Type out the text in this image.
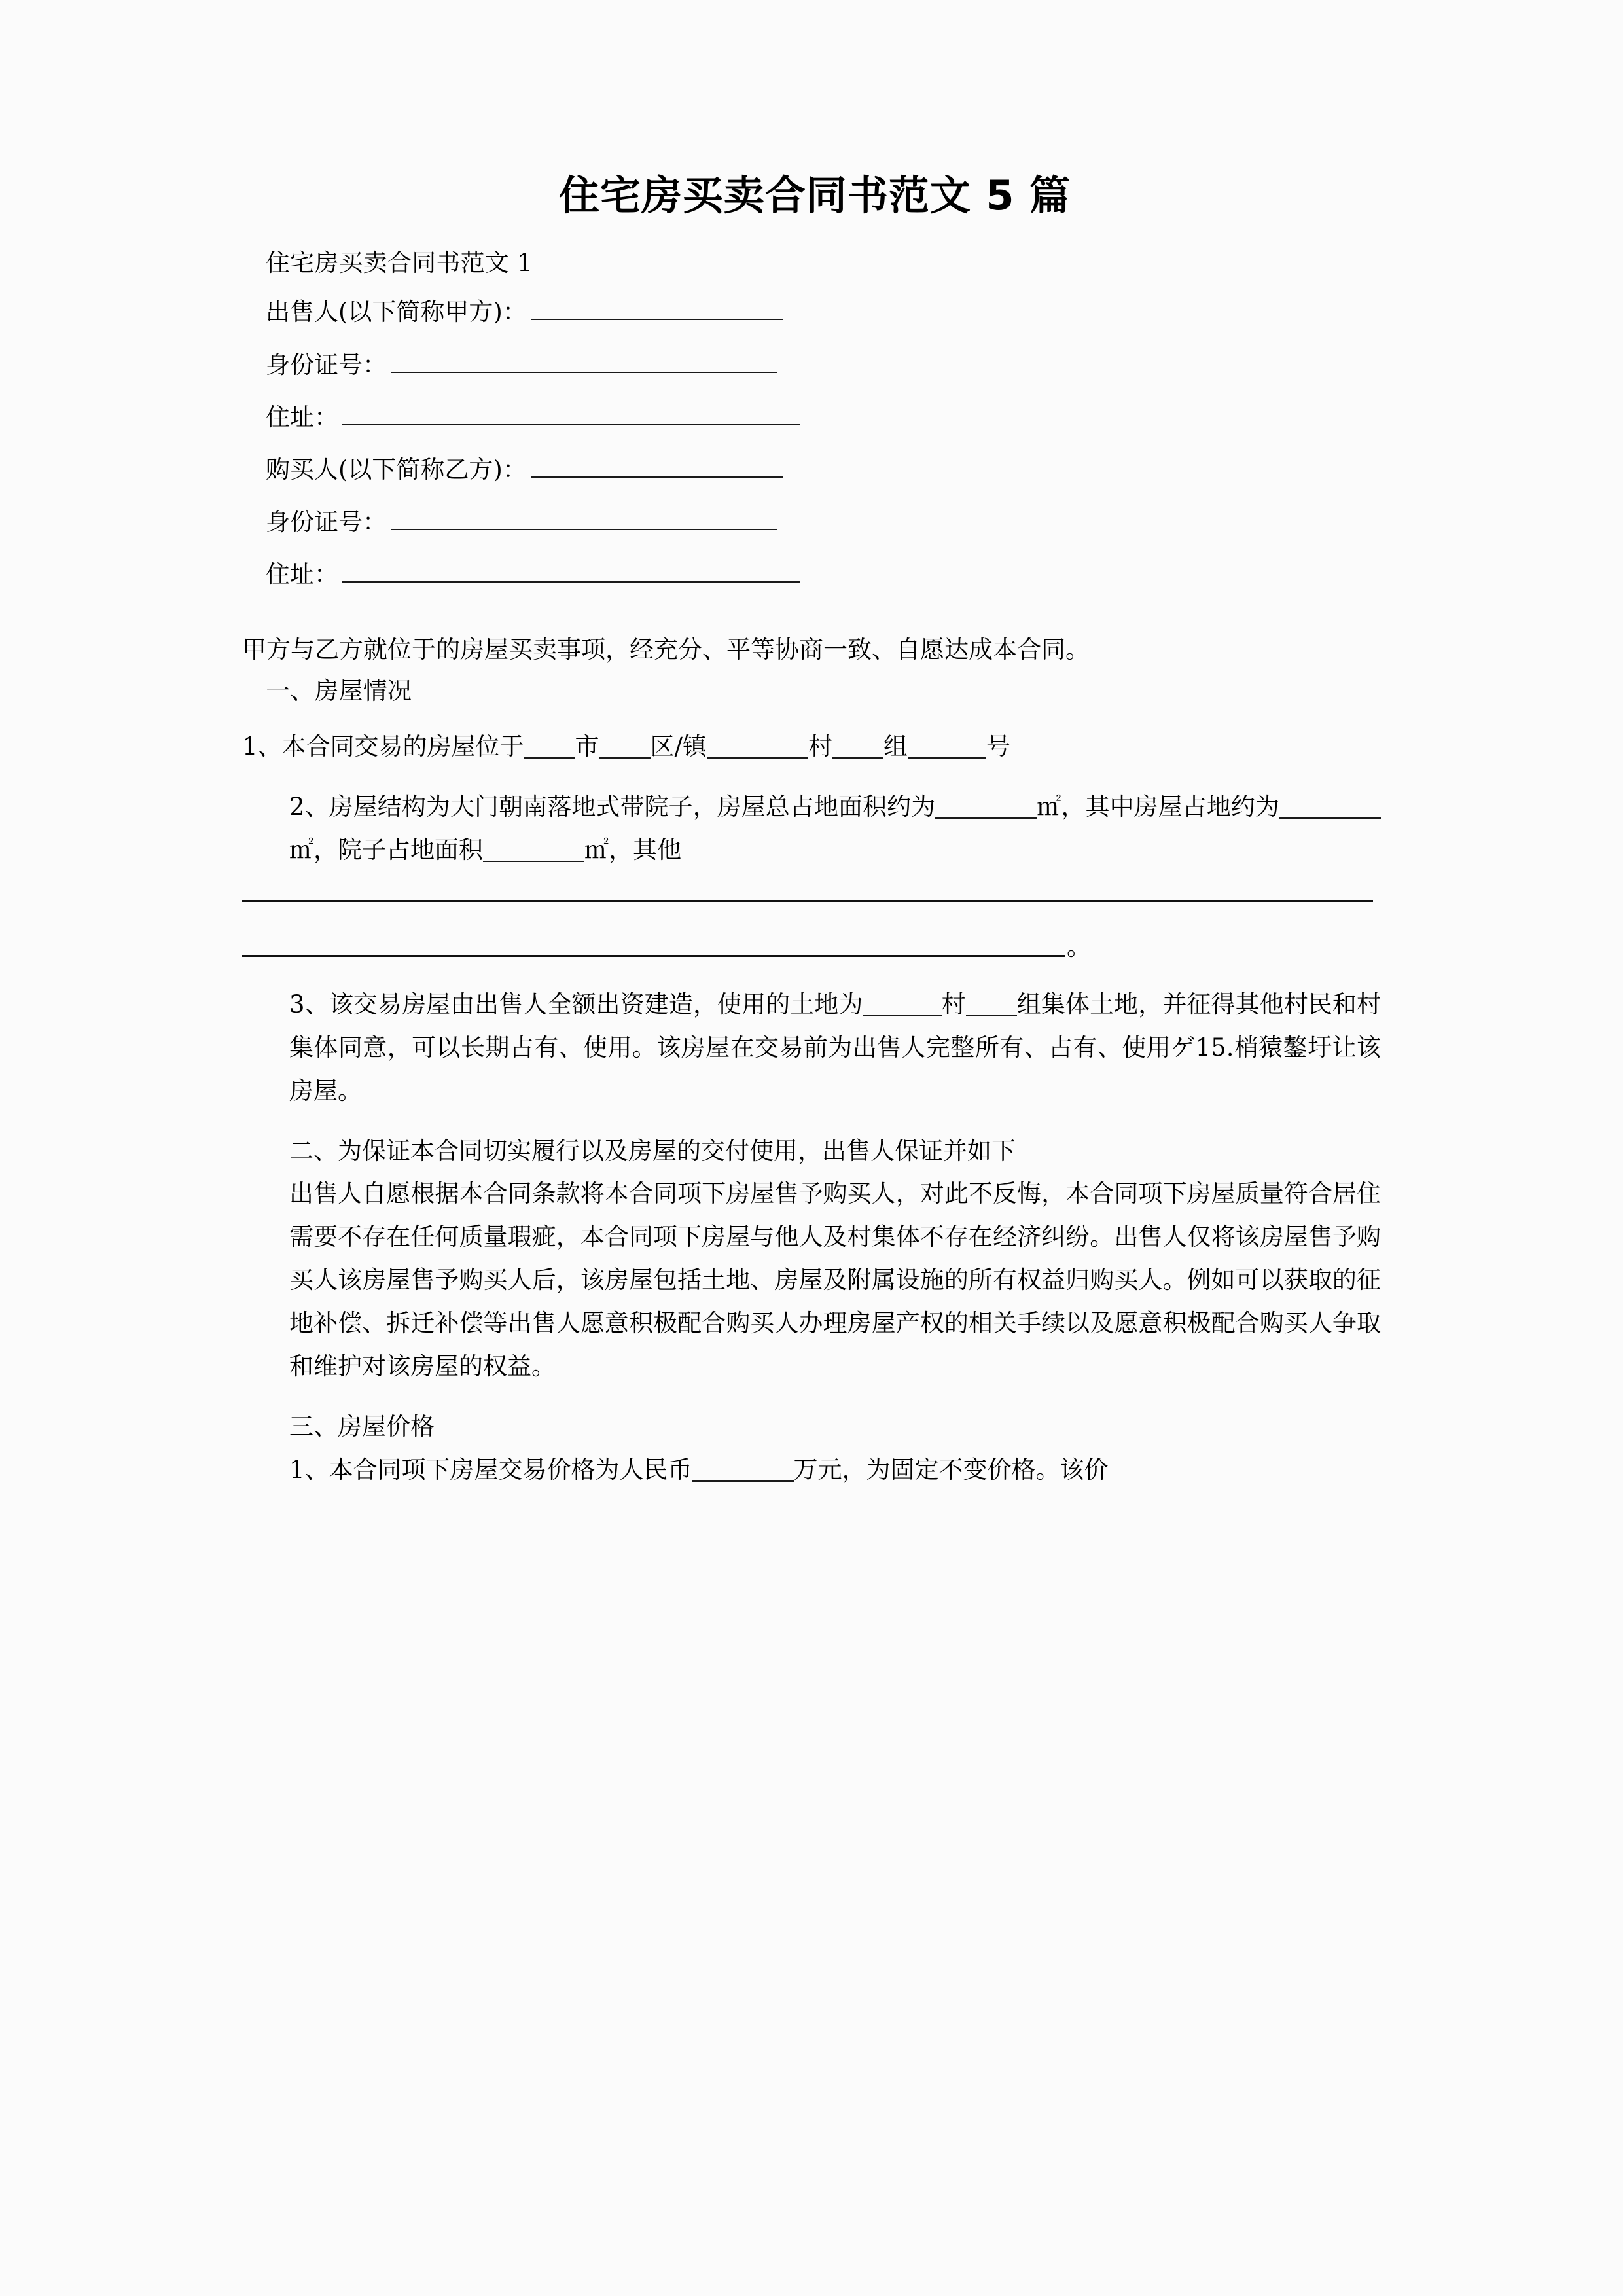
住宅房买卖合同书范文 5 篇

住宅房买卖合同书范文 1

出售人(以下简称甲方)：
身份证号：
住址：
购买人(以下简称乙方)：
身份证号：
住址：

甲方与乙方就位于的房屋买卖事项，经充分、平等协商一致、自愿达成本合同。

一、房屋情况

1、本合同交易的房屋位于 市 区/镇	村 组	号

2、房屋结构为大门朝南落地式带院子，房屋总占地面积约为	㎡，其中房屋占地约为㎡，院子占地面积	㎡，其他

。

3、该交易房屋由出售人全额出资建造，使用的土地为	村 组集体土地，并征得其他村民和村集体同意，可以长期占有、使用。该房屋在交易前为出售人完整所有、占有、使用ゲ15.梢猿鏊圩让该房屋。

二、为保证本合同切实履行以及房屋的交付使用，出售人保证并如下

出售人自愿根据本合同条款将本合同项下房屋售予购买人，对此不反悔，本合同项下房屋质量符合居住需要不存在任何质量瑕疵，本合同项下房屋与他人及村集体不存在经济纠纷。出售人仅将该房屋售予购买人该房屋售予购买人后，该房屋包括土地、房屋及附属设施的所有权益归购买人。例如可以获取的征地补偿、拆迁补偿等出售人愿意积极配合购买人办理房屋产权的相关手续以及愿意积极配合购买人争取和维护对该房屋的权益。

三、房屋价格

1、本合同项下房屋交易价格为人民币	万元，为固定不变价格。该价
